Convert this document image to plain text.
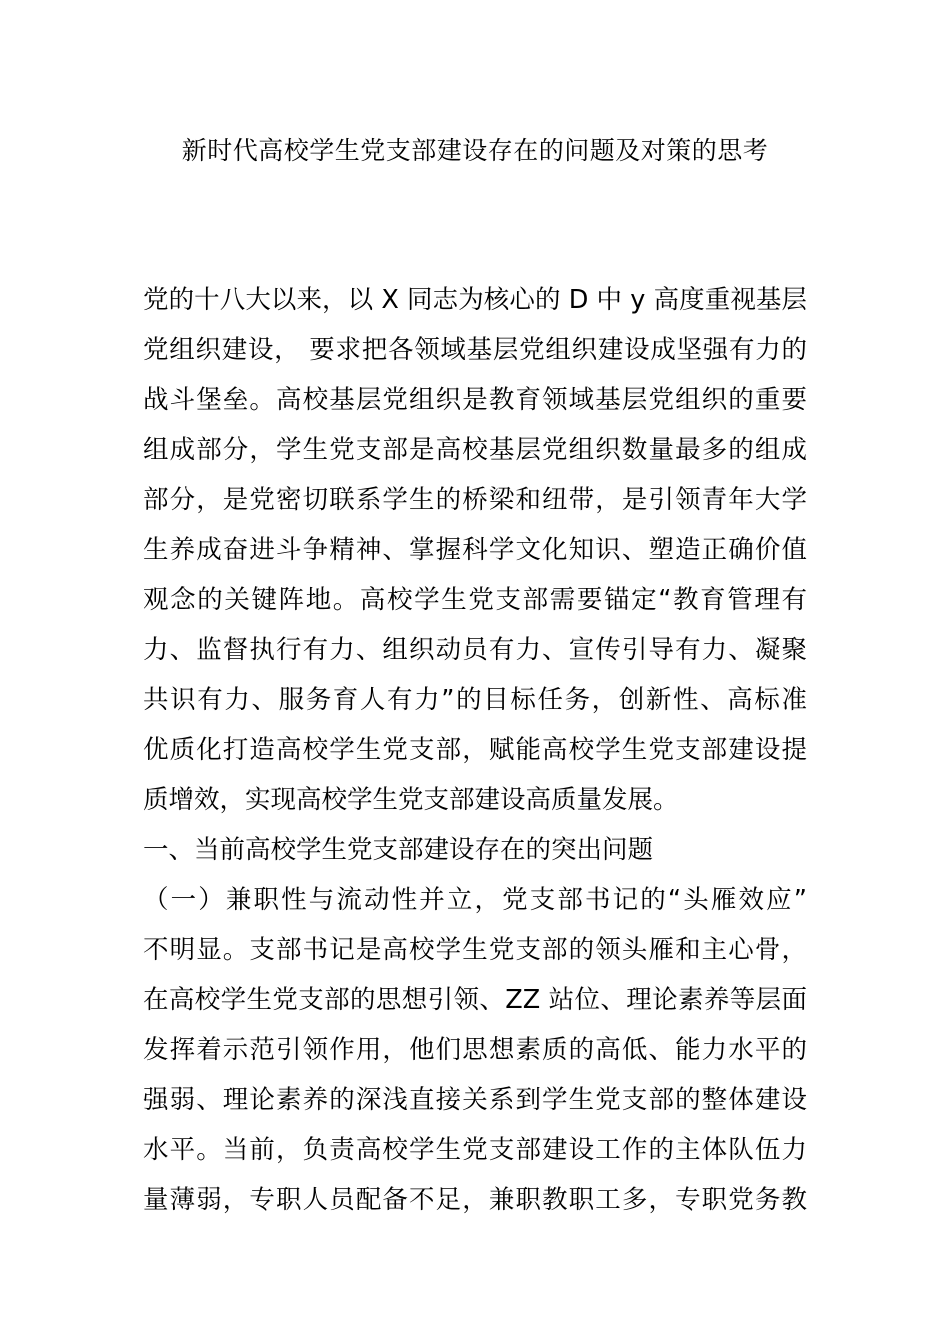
新时代高校学生党支部建设存在的问题及对策的思考
党的十八大以来，以 X 同志为核心的 D 中 y 高度重视基层
党组织建设， 要求把各领域基层党组织建设成坚强有力的
战斗堡垒。高校基层党组织是教育领域基层党组织的重要
组成部分，学生党支部是高校基层党组织数量最多的组成
部分，是党密切联系学生的桥梁和纽带，是引领青年大学
生养成奋进斗争精神、掌握科学文化知识、塑造正确价值
观念的关键阵地。高校学生党支部需要锚定“教育管理有
力、监督执行有力、组织动员有力、宣传引导有力、凝聚
共识有力、服务育人有力”的目标任务，创新性、高标准
优质化打造高校学生党支部，赋能高校学生党支部建设提
质增效，实现高校学生党支部建设高质量发展。
一、当前高校学生党支部建设存在的突出问题
（一）兼职性与流动性并立，党支部书记的“头雁效应”
不明显。支部书记是高校学生党支部的领头雁和主心骨，
在高校学生党支部的思想引领、ZZ 站位、理论素养等层面
发挥着示范引领作用，他们思想素质的高低、能力水平的
强弱、理论素养的深浅直接关系到学生党支部的整体建设
水平。当前，负责高校学生党支部建设工作的主体队伍力
量薄弱，专职人员配备不足，兼职教职工多，专职党务教
